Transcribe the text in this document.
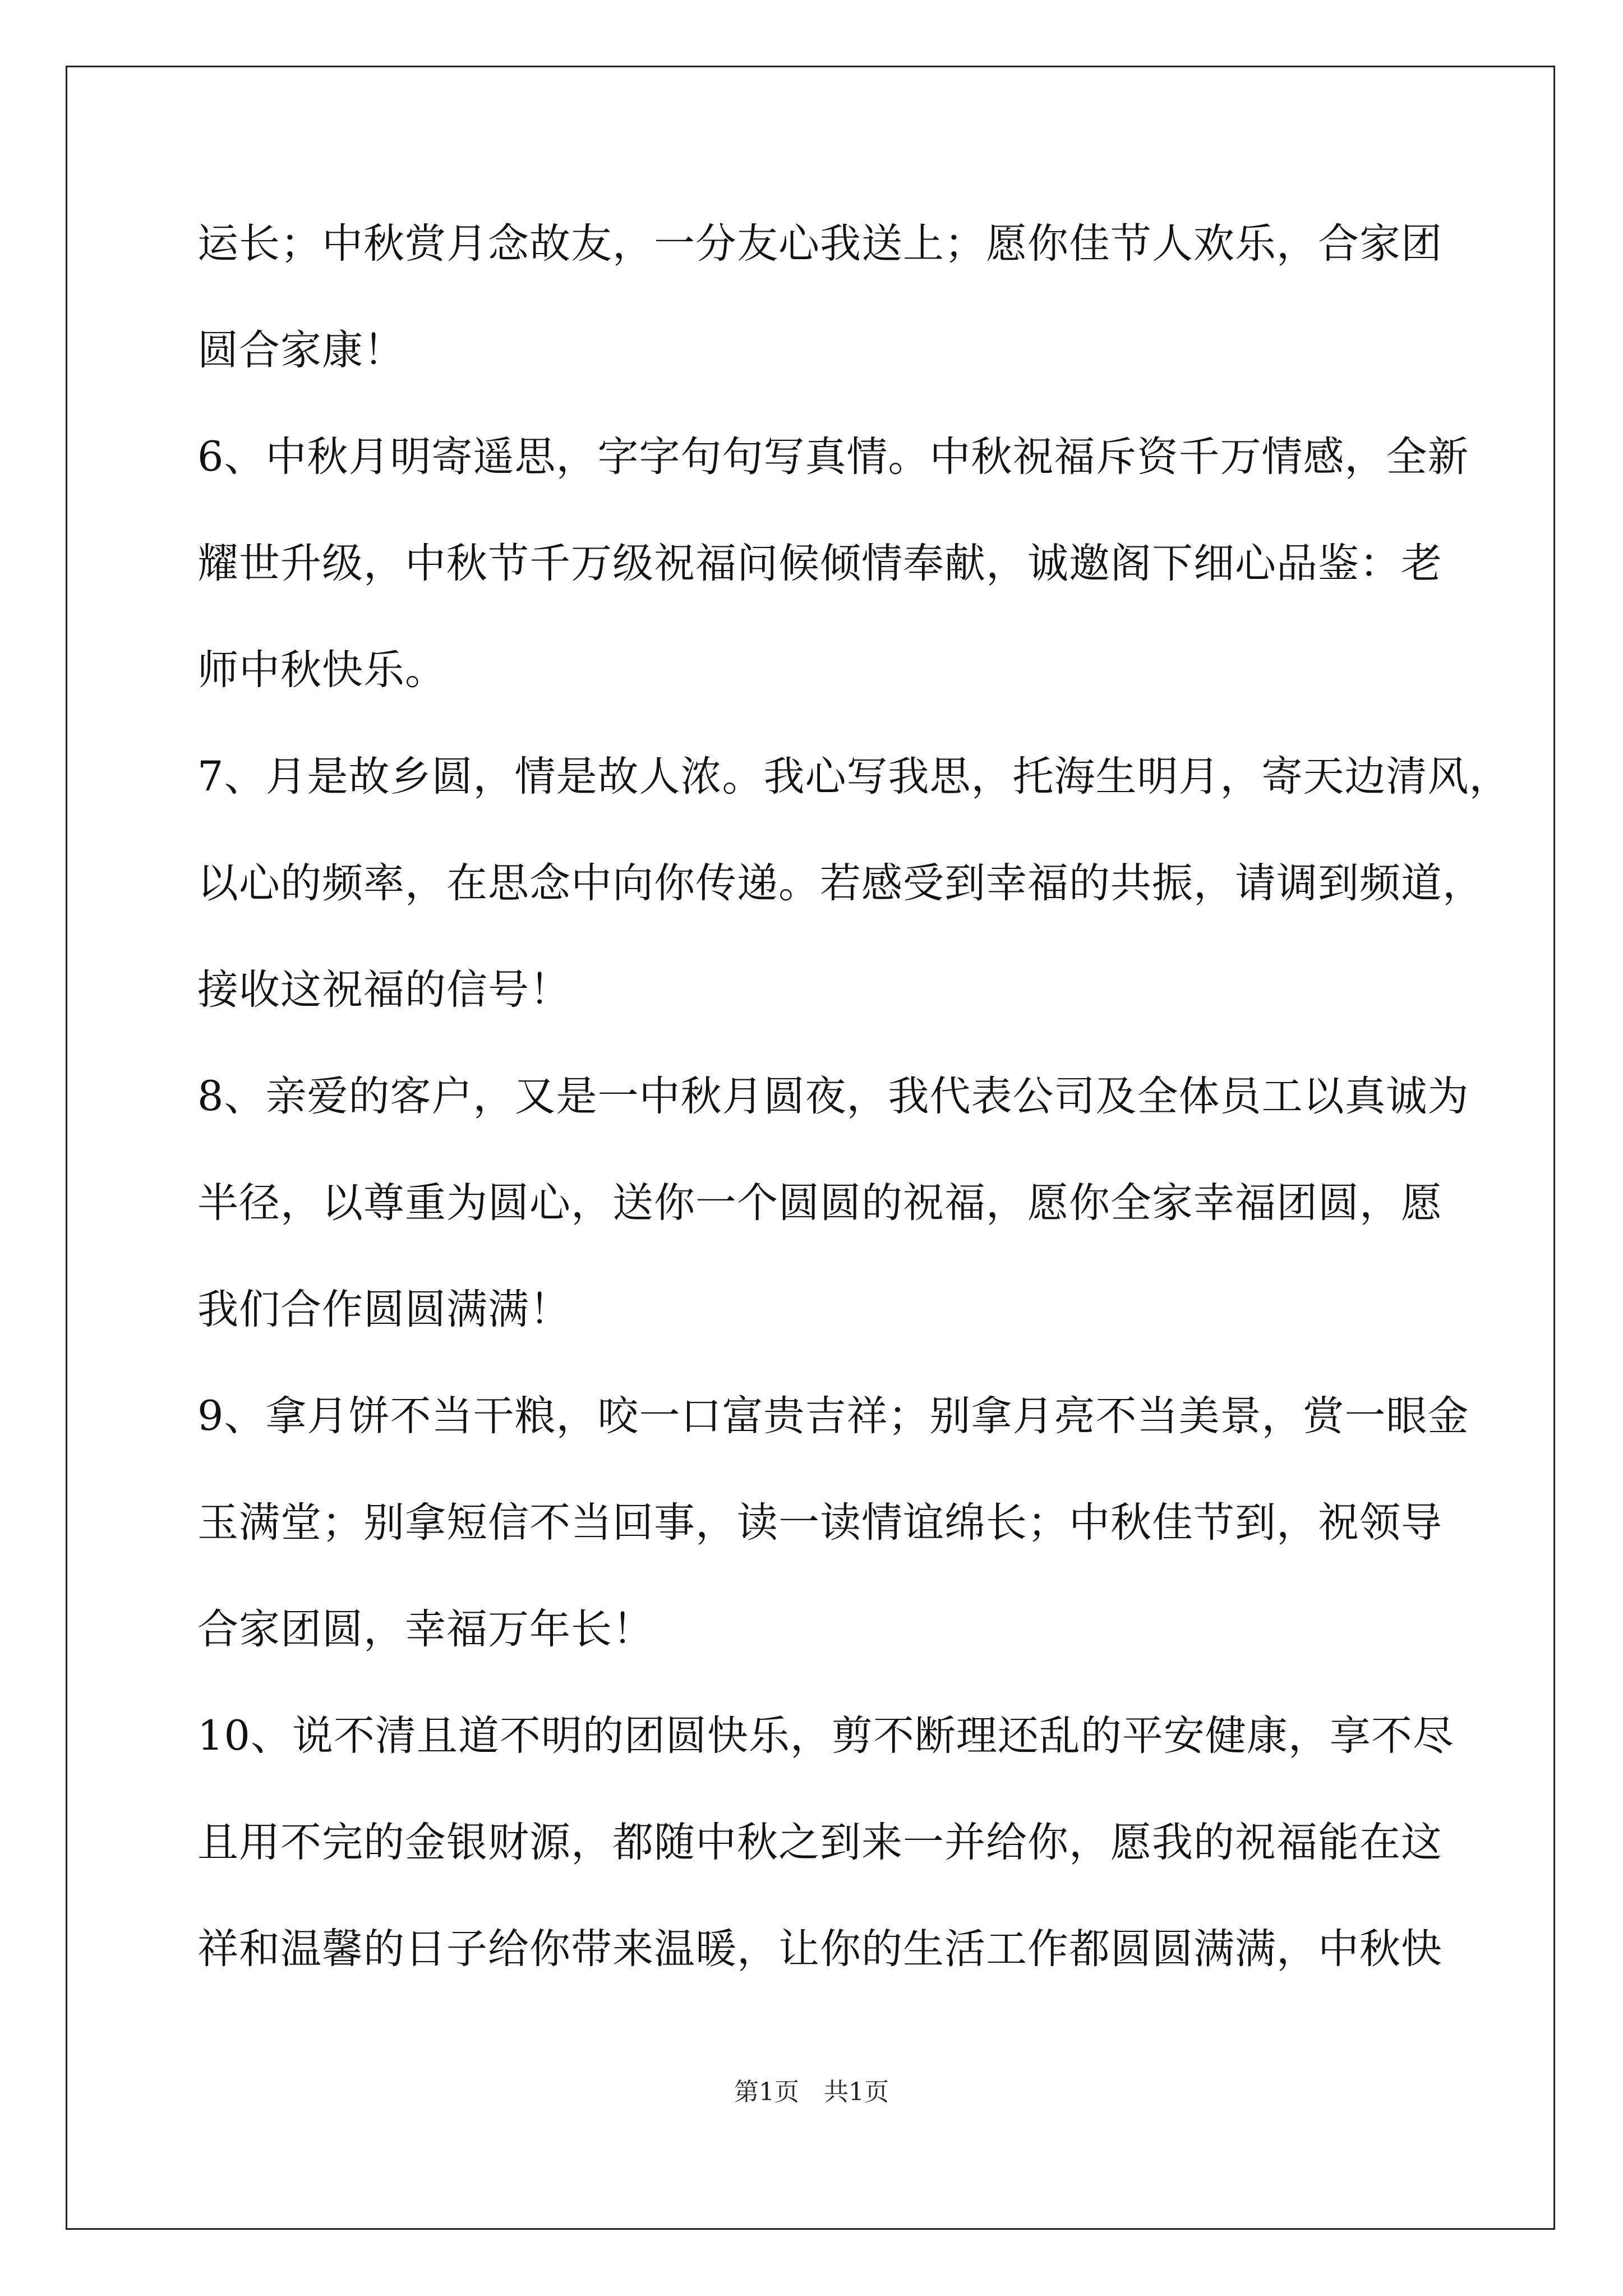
运长；中秋赏月念故友，一分友心我送上；愿你佳节人欢乐，合家团
圆合家康！
6、中秋月明寄遥思，字字句句写真情。中秋祝福斥资千万情感，全新
耀世升级，中秋节千万级祝福问候倾情奉献，诚邀阁下细心品鉴：老
师中秋快乐。
7、月是故乡圆，情是故人浓。我心写我思，托海生明月，寄天边清风，
以心的频率，在思念中向你传递。若感受到幸福的共振，请调到频道，
接收这祝福的信号！
8、亲爱的客户，又是一中秋月圆夜，我代表公司及全体员工以真诚为
半径，以尊重为圆心，送你一个圆圆的祝福，愿你全家幸福团圆，愿
我们合作圆圆满满！
9、拿月饼不当干粮，咬一口富贵吉祥；别拿月亮不当美景，赏一眼金
玉满堂；别拿短信不当回事，读一读情谊绵长；中秋佳节到，祝领导
合家团圆，幸福万年长！
10、说不清且道不明的团圆快乐，剪不断理还乱的平安健康，享不尽
且用不完的金银财源，都随中秋之到来一并给你，愿我的祝福能在这
祥和温馨的日子给你带来温暖，让你的生活工作都圆圆满满，中秋快
第1页　共1页
